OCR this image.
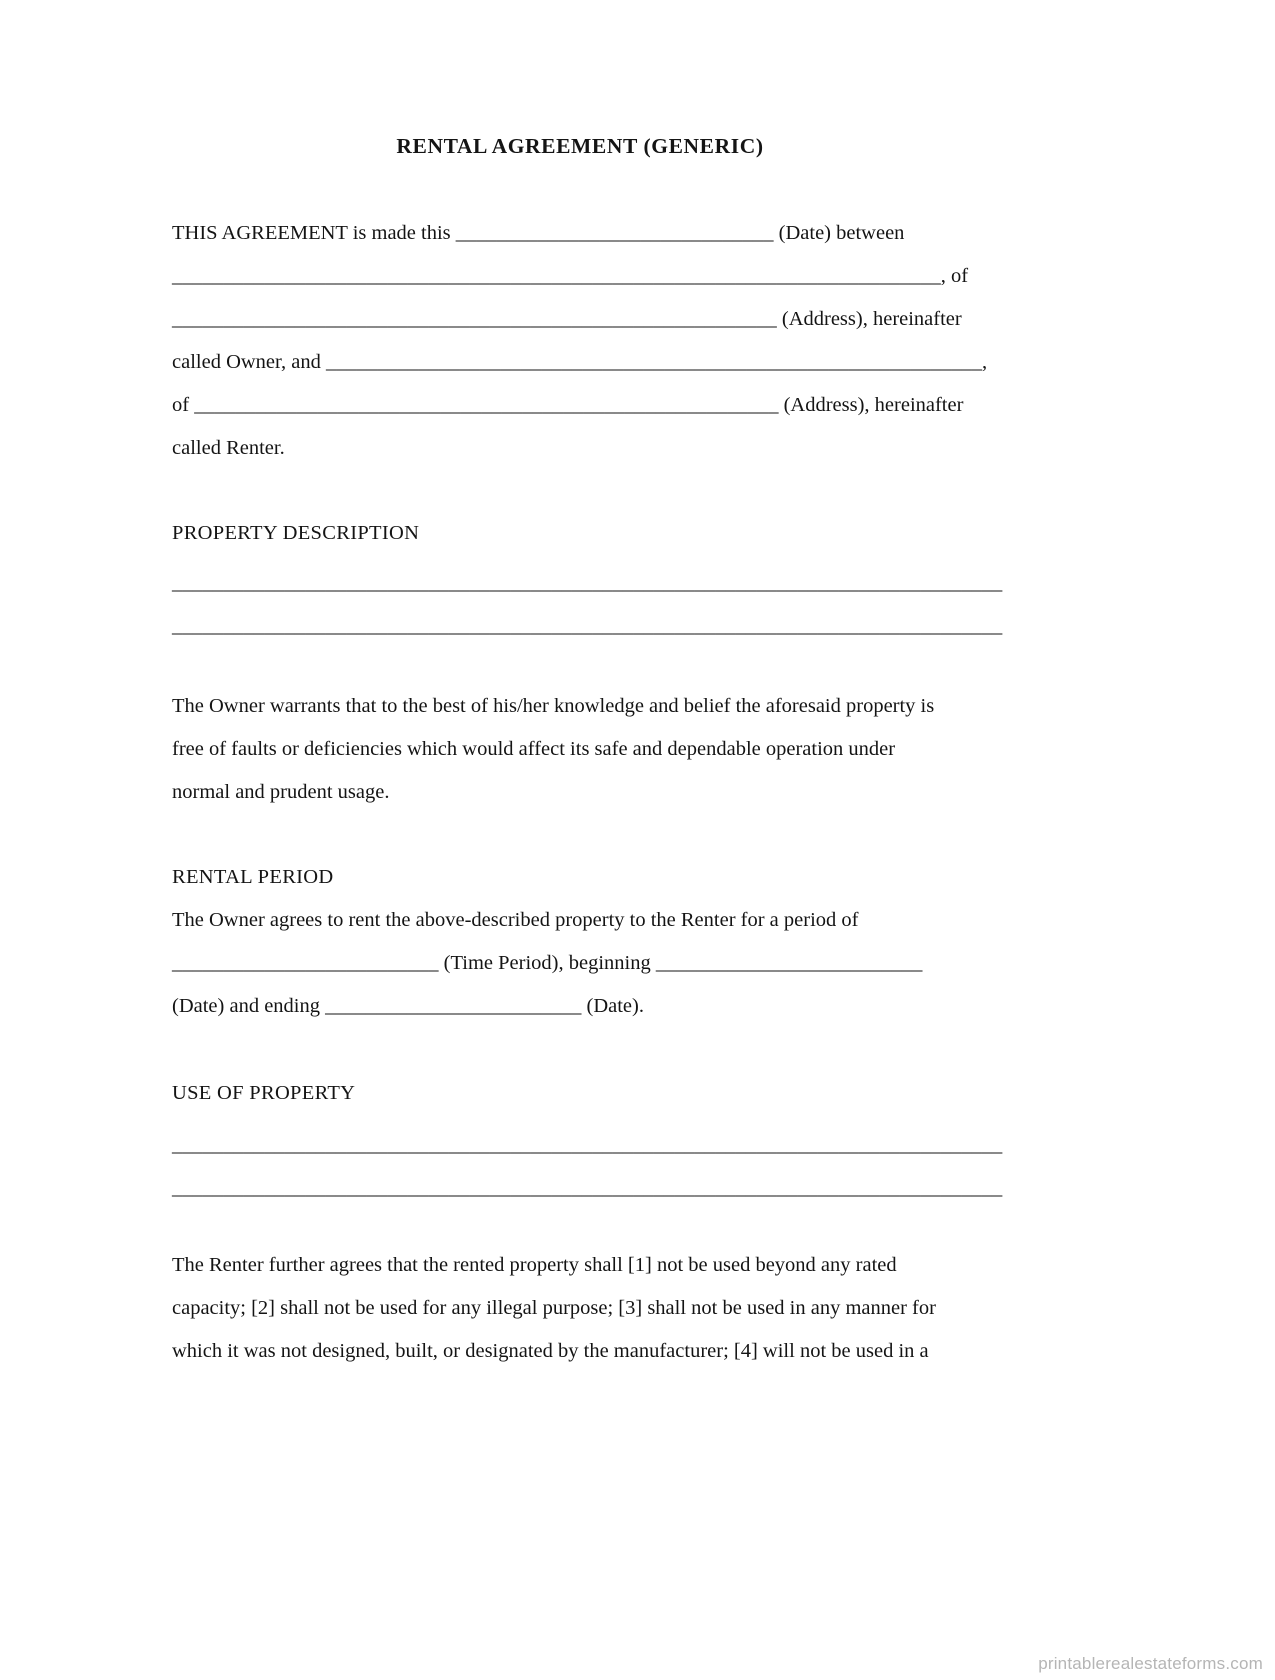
RENTAL AGREEMENT (GENERIC)
THIS AGREEMENT is made this _______________________________ (Date) between
___________________________________________________________________________, of
___________________________________________________________ (Address), hereinafter
called Owner, and ________________________________________________________________,
of _________________________________________________________ (Address), hereinafter
called Renter.
PROPERTY DESCRIPTION
_________________________________________________________________________________
_________________________________________________________________________________
The Owner warrants that to the best of his/her knowledge and belief the aforesaid property is
free of faults or deficiencies which would affect its safe and dependable operation under
normal and prudent usage.
RENTAL PERIOD
The Owner agrees to rent the above-described property to the Renter for a period of
__________________________ (Time Period), beginning __________________________
(Date) and ending _________________________ (Date).
USE OF PROPERTY
_________________________________________________________________________________
_________________________________________________________________________________
The Renter further agrees that the rented property shall [1] not be used beyond any rated
capacity; [2] shall not be used for any illegal purpose; [3] shall not be used in any manner for
which it was not designed, built, or designated by the manufacturer; [4] will not be used in a
printablerealestateforms.com
